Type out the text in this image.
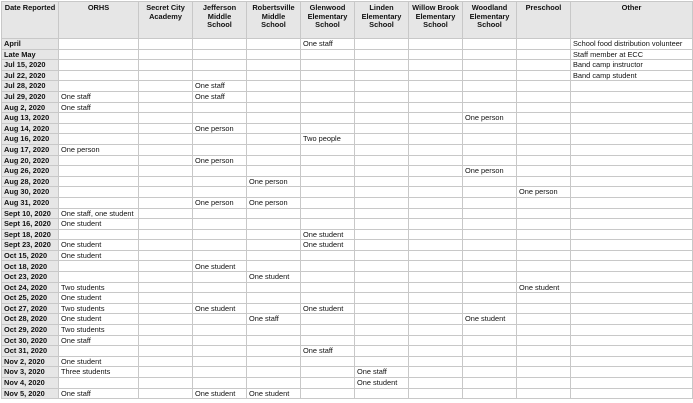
Date Reported	ORHS	Secret City Academy	Jefferson Middle School	Robertsville Middle School	Glenwood Elementary School	Linden Elementary School	Willow Brook Elementary School	Woodland Elementary School	Preschool	Other
April					One staff					School food distribution volunteer
Late May										Staff member at ECC
Jul 15, 2020										Band camp instructor
Jul 22, 2020										Band camp student
Jul 28, 2020			One staff							
Jul 29, 2020	One staff		One staff							
Aug 2, 2020	One staff									
Aug 13, 2020								One person		
Aug 14, 2020			One person							
Aug 16, 2020					Two people					
Aug 17, 2020	One person									
Aug 20, 2020			One person							
Aug 26, 2020								One person		
Aug 28, 2020				One person						
Aug 30, 2020									One person	
Aug 31, 2020			One person	One person						
Sept 10, 2020	One staff, one student									
Sept 16, 2020	One student									
Sept 18, 2020					One student					
Sept 23, 2020	One student				One student					
Oct 15, 2020	One student									
Oct 18, 2020			One student							
Oct 23, 2020				One student						
Oct 24, 2020	Two students								One student	
Oct 25, 2020	One student									
Oct 27, 2020	Two students		One student		One student					
Oct 28, 2020	One student			One staff				One student		
Oct 29, 2020	Two students									
Oct 30, 2020	One staff									
Oct 31, 2020					One staff					
Nov 2, 2020	One student									
Nov 3, 2020	Three students					One staff				
Nov 4, 2020						One student				
Nov 5, 2020	One staff		One student	One student						
